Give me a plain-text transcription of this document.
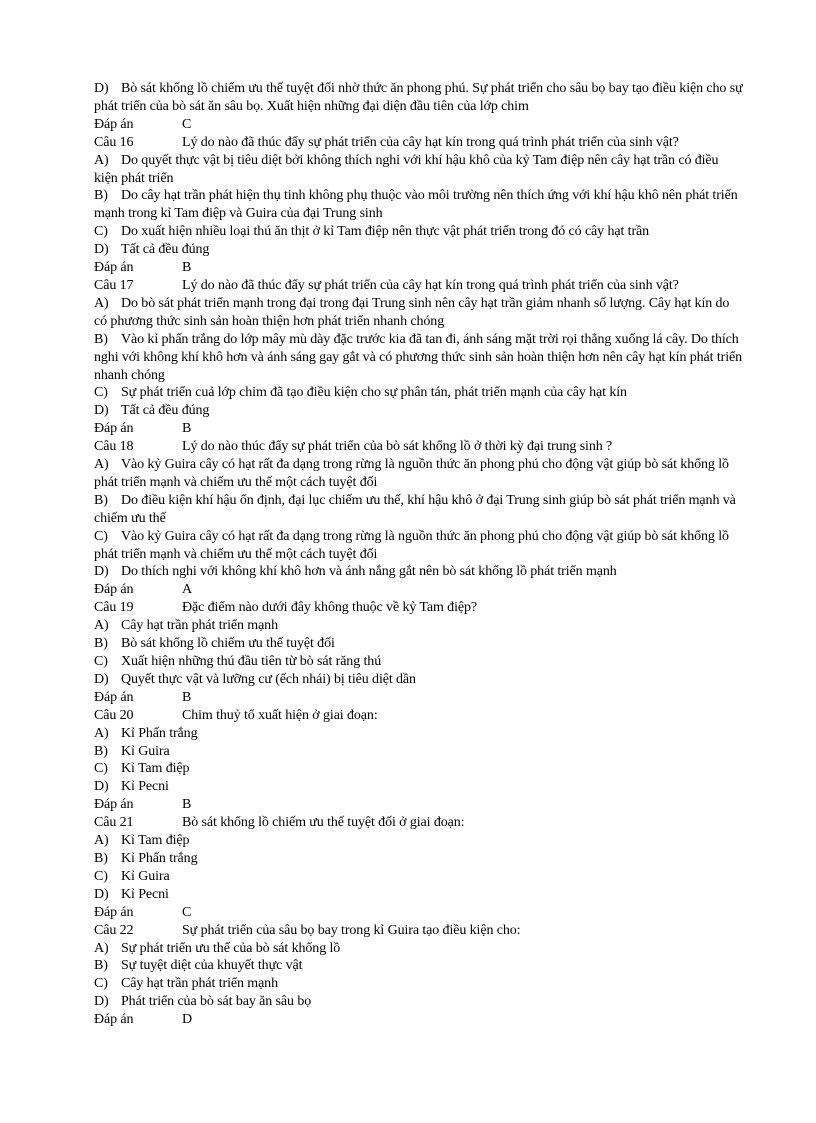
D) Bò sát khổng lồ chiếm ưu thế tuyệt đối nhờ thức ăn phong phú. Sự phát triển cho sâu bọ bay tạo điều kiện cho sự phát triển của bò sát ăn sâu bọ. Xuất hiện những đại diện đầu tiên của lớp chim
Đáp án	C
Câu 16	Lý do nào đã thúc đẩy sự phát triển của cây hạt kín trong quá trình phát triển của sinh vật?
A) Do quyết thực vật bị tiêu diệt bởi không thích nghi với khí hậu khô của kỷ Tam điệp nên cây hạt trần có điều kiện phát triển
B) Do cây hạt trần phát hiện thụ tinh không phụ thuộc vào môi trường nên thích ứng với khí hậu khô nên phát triển mạnh trong kỉ Tam điệp và Guira của đại Trung sinh
C) Do xuất hiện nhiều loại thú ăn thịt ở kỉ Tam điệp nên thực vật phát triển trong đó có cây hạt trần
D) Tất cả đều đúng
Đáp án	B
Câu 17	Lý do nào đã thúc đẩy sự phát triển của cây hạt kín trong quá trình phát triển của sinh vật?
A) Do bò sát phát triển mạnh trong đại trong đại Trung sinh nên cây hạt trần giảm nhanh số lượng. Cây hạt kín do có phương thức sinh sản hoàn thiện hơn phát triển nhanh chóng
B) Vào kỉ phấn trắng do lớp mây mù dày đặc trước kia đã tan đi, ánh sáng mặt trời rọi thẳng xuống lá cây. Do thích nghi với không khí khô hơn và ánh sáng gay gắt và có phương thức sinh sản hoàn thiện hơn nên cây hạt kín phát triển nhanh chóng
C) Sự phát triển cuả lớp chim đã tạo điều kiện cho sự phân tán, phát triển mạnh của cây hạt kín
D) Tất cả đều đúng
Đáp án	B
Câu 18	Lý do nào thúc đẩy sự phát triển của bò sát khổng lồ ở thời kỳ đại trung sinh ?
A) Vào kỷ Guira cây có hạt rất đa dạng trong rừng là nguồn thức ăn phong phú cho động vật giúp bò sát khổng lồ phát triển mạnh và chiếm ưu thế một cách tuyệt đối
B) Do điều kiện khí hậu ổn định, đại lục chiếm ưu thế, khí hậu khô ở đại Trung sinh giúp bò sát phát triển mạnh và chiếm ưu thế
C) Vào kỷ Guira cây có hạt rất đa dạng trong rừng là nguồn thức ăn phong phú cho động vật giúp bò sát khổng lồ phát triển mạnh và chiếm ưu thế một cách tuyệt đối
D) Do thích nghi với không khí khô hơn và ánh nắng gắt nên bò sát khổng lồ phát triển mạnh
Đáp án	A
Câu 19	Đặc điểm nào dưới đây không thuộc về kỷ Tam điệp?
A) Cây hạt trần phát triển mạnh
B) Bò sát khổng lồ chiếm ưu thế tuyệt đối
C) Xuất hiện những thú đầu tiên từ bò sát răng thú
D) Quyết thực vật và lưỡng cư (ếch nhái) bị tiêu diệt dần
Đáp án	B
Câu 20	Chim thuỷ tổ xuất hiện ở giai đoạn:
A) Kỉ Phấn trắng
B) Kỉ Guira
C) Kỉ Tam điệp
D) Kỉ Pecni
Đáp án	B
Câu 21	Bò sát khổng lồ chiếm ưu thế tuyệt đối ở giai đoạn:
A) Kỉ Tam điệp
B) Kỉ Phấn trắng
C) Kỉ Guira
D) Kỉ Pecni
Đáp án	C
Câu 22	Sự phát triển của sâu bọ bay trong kỉ Guira tạo điều kiện cho:
A) Sự phát triển ưu thế của bò sát khổng lồ
B) Sự tuyệt diệt của khuyết thực vật
C) Cây hạt trần phát triển mạnh
D) Phát triển của bò sát bay ăn sâu bọ
Đáp án	D
